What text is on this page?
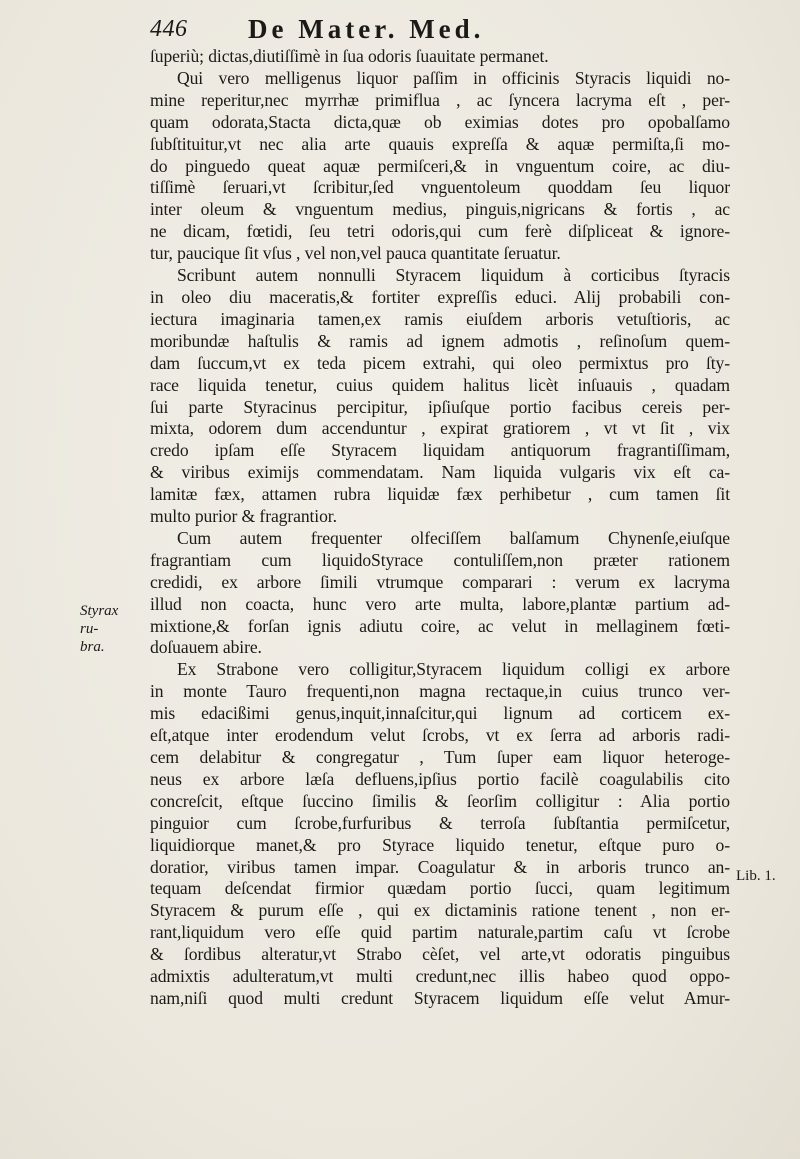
446 De Mater. Med.

ſuperiù; dictas,diutiſſimè in ſua odoris ſuauitate permanet.

Qui vero melligenus liquor paſſim in officinis Styracis liquidi no-

mine reperitur,nec myrrhæ primiflua , ac ſyncera lacryma eſt , per-

quam odorata,Stacta dicta,quæ ob eximias dotes pro opobalſamo

ſubſtituitur,vt nec alia arte quauis expreſſa & aquæ permiſta,ſi mo-

do pinguedo queat aquæ permiſceri,& in vnguentum coire, ac diu-

tiſſimè ſeruari,vt ſcribitur,ſed vnguentoleum quoddam ſeu liquor

inter oleum & vnguentum medius, pinguis,nigricans & fortis , ac

ne dicam, fœtidi, ſeu tetri odoris,qui cum ferè diſpliceat & ignore-

tur, paucique ſit vſus , vel non,vel pauca quantitate ſeruatur.

Scribunt autem nonnulli Styracem liquidum à corticibus ſtyracis

in oleo diu maceratis,& fortiter expreſſis educi. Alij probabili con-

iectura imaginaria tamen,ex ramis eiuſdem arboris vetuſtioris, ac

moribundæ haſtulis & ramis ad ignem admotis , reſinoſum quem-

dam ſuccum,vt ex teda picem extrahi, qui oleo permixtus pro ſty-

race liquida tenetur, cuius quidem halitus licèt inſuauis , quadam

ſui parte Styracinus percipitur, ipſiuſque portio facibus cereis per-

mixta, odorem dum accenduntur , expirat gratiorem , vt vt ſit , vix

credo ipſam eſſe Styracem liquidam antiquorum fragrantiſſimam,

& viribus eximijs commendatam. Nam liquida vulgaris vix eſt ca-

lamitæ fæx, attamen rubra liquidæ fæx perhibetur , cum tamen ſit

multo purior & fragrantior.

Cum autem frequenter olfeciſſem balſamum Chynenſe,eiuſque

fragrantiam cum liquidoStyrace contuliſſem,non præter rationem

credidi, ex arbore ſimili vtrumque comparari : verum ex lacryma

illud non coacta, hunc vero arte multa, labore,plantæ partium ad-

mixtione,& forſan ignis adiutu coire, ac velut in mellaginem fœti-

doſuauem abire.

Ex Strabone vero colligitur,Styracem liquidum colligi ex arbore

in monte Tauro frequenti,non magna rectaque,in cuius trunco ver-

mis edacißimi genus,inquit,innaſcitur,qui lignum ad corticem ex-

eſt,atque inter erodendum velut ſcrobs, vt ex ſerra ad arboris radi-

cem delabitur & congregatur , Tum ſuper eam liquor heteroge-

neus ex arbore læſa defluens,ipſius portio facilè coagulabilis cito

concreſcit, eſtque ſuccino ſimilis & ſeorſim colligitur : Alia portio

pinguior cum ſcrobe,furfuribus & terroſa ſubſtantia permiſcetur,

liquidiorque manet,& pro Styrace liquido tenetur, eſtque puro o-

doratior, viribus tamen impar. Coagulatur & in arboris trunco an-

tequam deſcendat firmior quædam portio ſucci, quam legitimum

Styracem & purum eſſe , qui ex dictaminis ratione tenent , non er-

rant,liquidum vero eſſe quid partim naturale,partim caſu vt ſcrobe

& ſordibus alteratur,vt Strabo cèſet, vel arte,vt odoratis pinguibus

admixtis adulteratum,vt multi credunt,nec illis habeo quod oppo-

nam,niſi quod multi credunt Styracem liquidum eſſe velut Amur-

Styrax ru-
bra.
Lib. 1.
